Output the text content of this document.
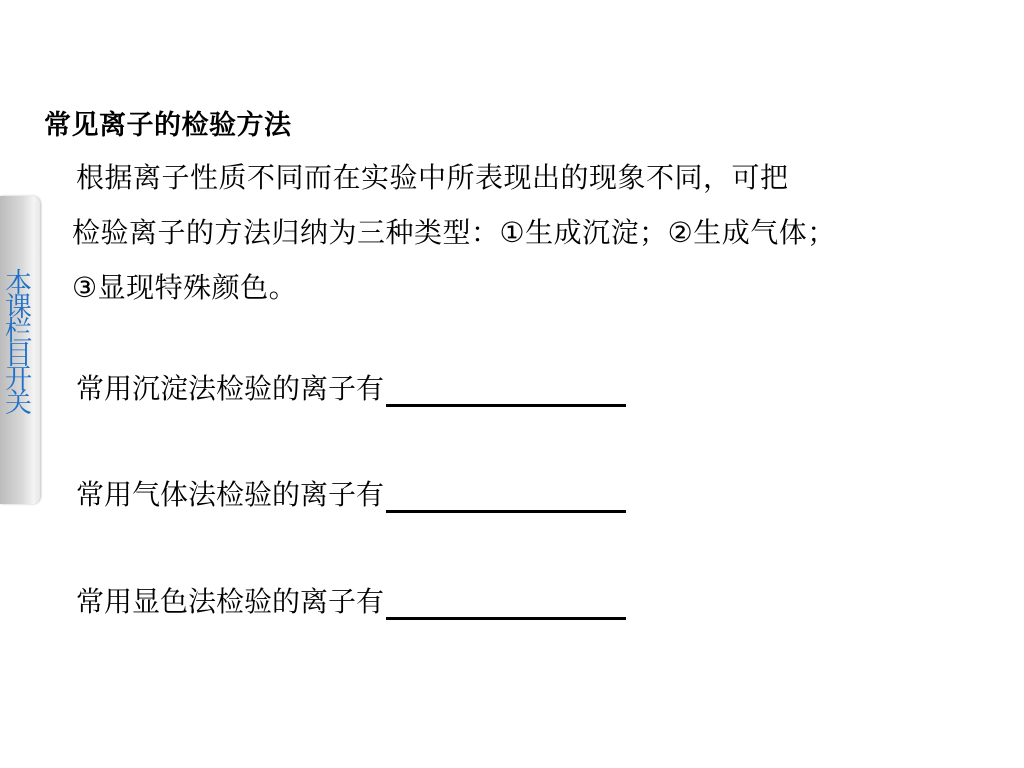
本课栏目开关
常见离子的检验方法
根据离子性质不同而在实验中所表现出的现象不同，可把
检验离子的方法归纳为三种类型：①生成沉淀；②生成气体；
③显现特殊颜色。
常用沉淀法检验的离子有
常用气体法检验的离子有
常用显色法检验的离子有
